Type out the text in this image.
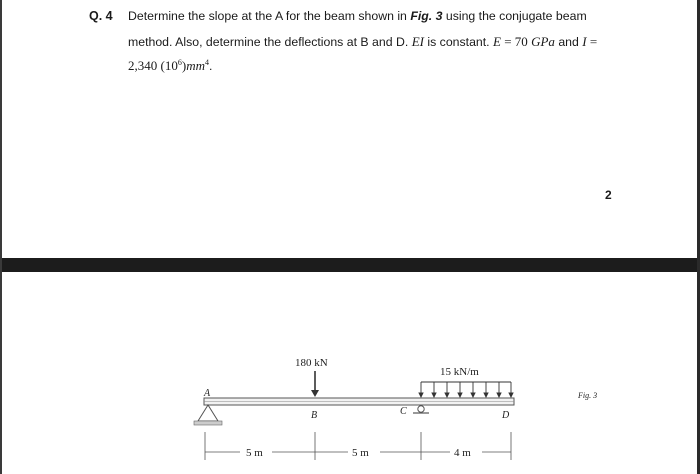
Q. 4 Determine the slope at the A for the beam shown in Fig. 3 using the conjugate beam
method. Also, determine the deflections at B and D. EI is constant. E = 70 GPa and I =
2,340 $(10^6)mm^4$.
2
180 kN
15 kN/m
A
B	C	D
5 m	5 m	4 m
Fig. 3
